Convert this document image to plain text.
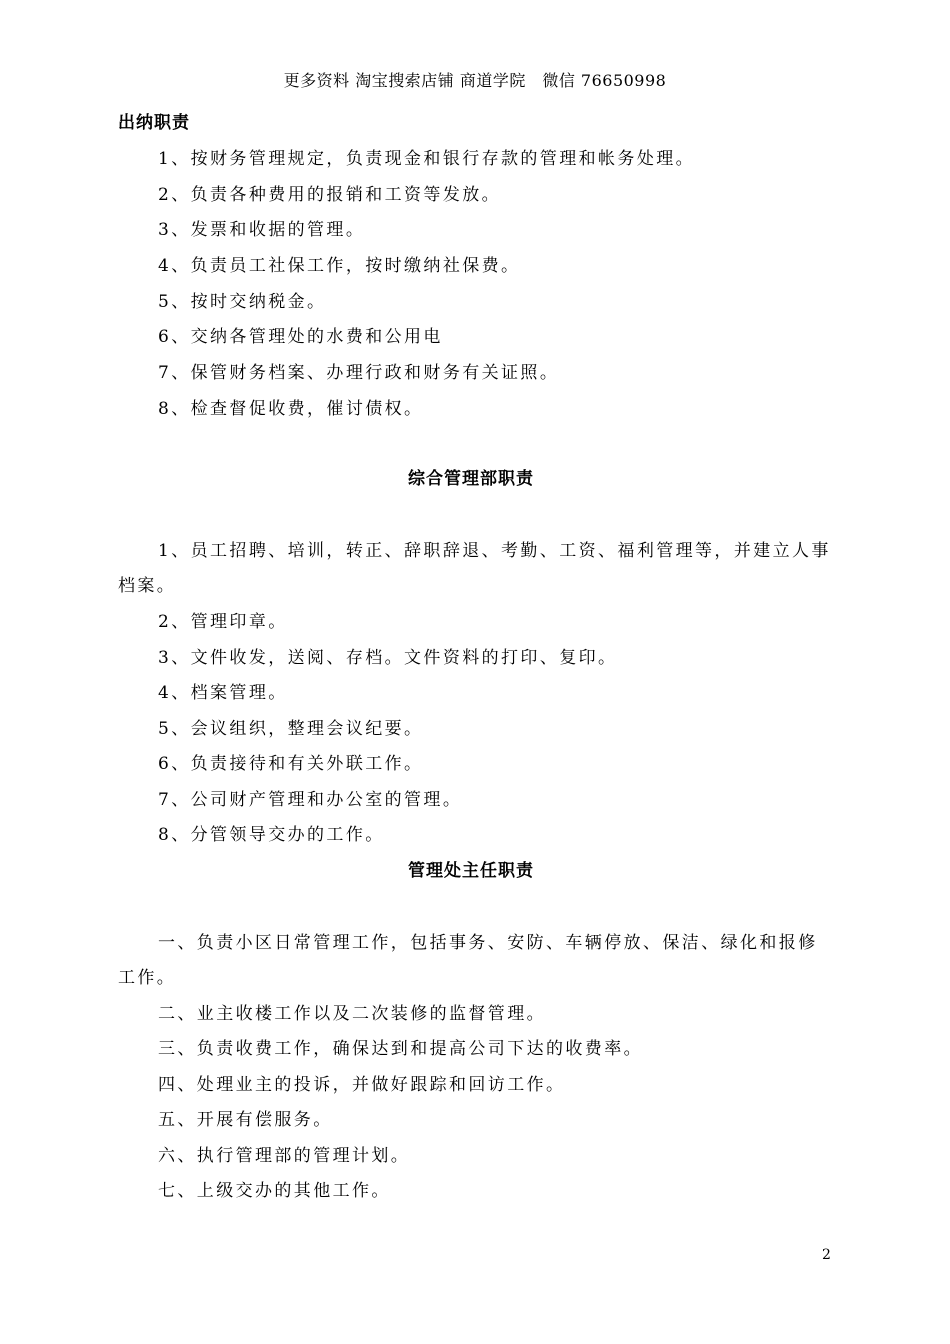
更多资料 淘宝搜索店铺 商道学院　微信 76650998
出纳职责
1、按财务管理规定，负责现金和银行存款的管理和帐务处理。
2、负责各种费用的报销和工资等发放。
3、发票和收据的管理。
4、负责员工社保工作，按时缴纳社保费。
5、按时交纳税金。
6、交纳各管理处的水费和公用电
7、保管财务档案、办理行政和财务有关证照。
8、检查督促收费，催讨债权。
综合管理部职责
1、员工招聘、培训，转正、辞职辞退、考勤、工资、福利管理等，并建立人事
档案。
2、管理印章。
3、文件收发，送阅、存档。文件资料的打印、复印。
4、档案管理。
5、会议组织，整理会议纪要。
6、负责接待和有关外联工作。
7、公司财产管理和办公室的管理。
8、分管领导交办的工作。
管理处主任职责
一、负责小区日常管理工作，包括事务、安防、车辆停放、保洁、绿化和报修
工作。
二、业主收楼工作以及二次装修的监督管理。
三、负责收费工作，确保达到和提高公司下达的收费率。
四、处理业主的投诉，并做好跟踪和回访工作。
五、开展有偿服务。
六、执行管理部的管理计划。
七、上级交办的其他工作。
2
